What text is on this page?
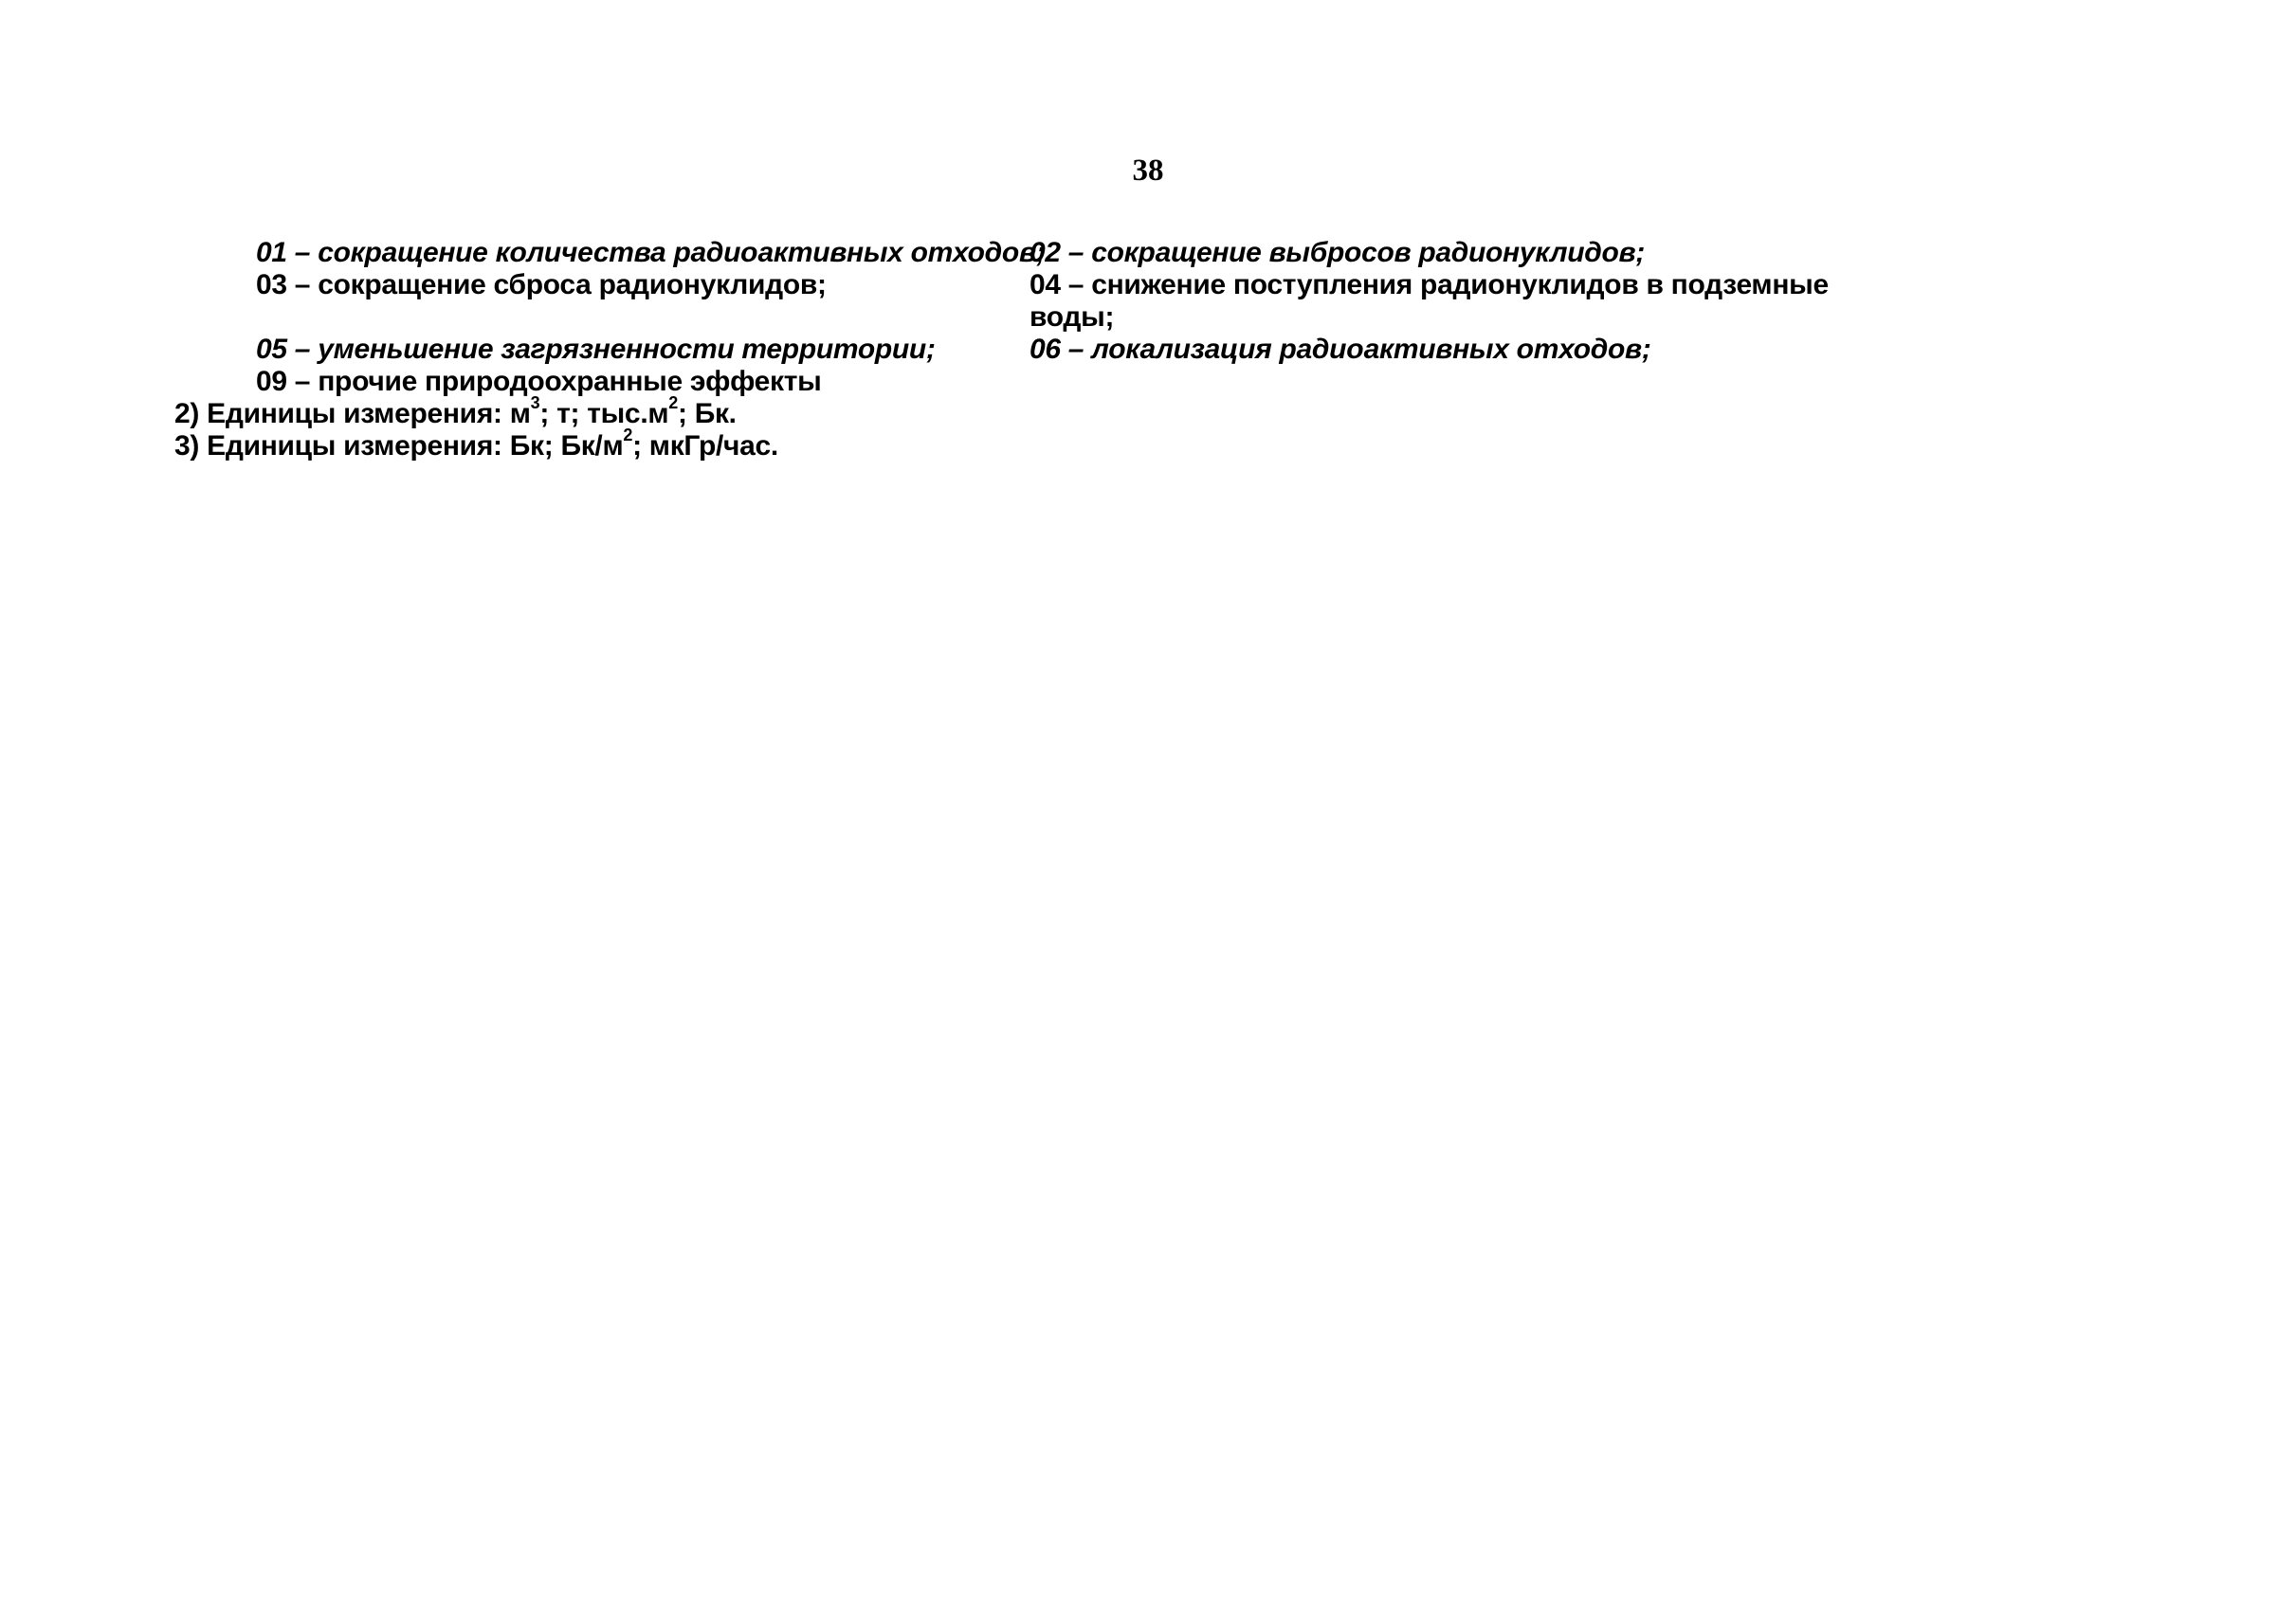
38
01 – сокращение количества радиоактивных отходов;
02 – сокращение выбросов радионуклидов;
03 – сокращение сброса радионуклидов;	04 – снижение поступления радионуклидов в подземные
воды;
05 – уменьшение загрязненности территории;	06 – локализация радиоактивных отходов;
09 – прочие природоохранные эффекты
2) Единицы измерения: $м^3$; т; $тыс.м^2$; Бк.
3) Единицы измерения: Бк; $Бк/м^2$; мкГр/час.
